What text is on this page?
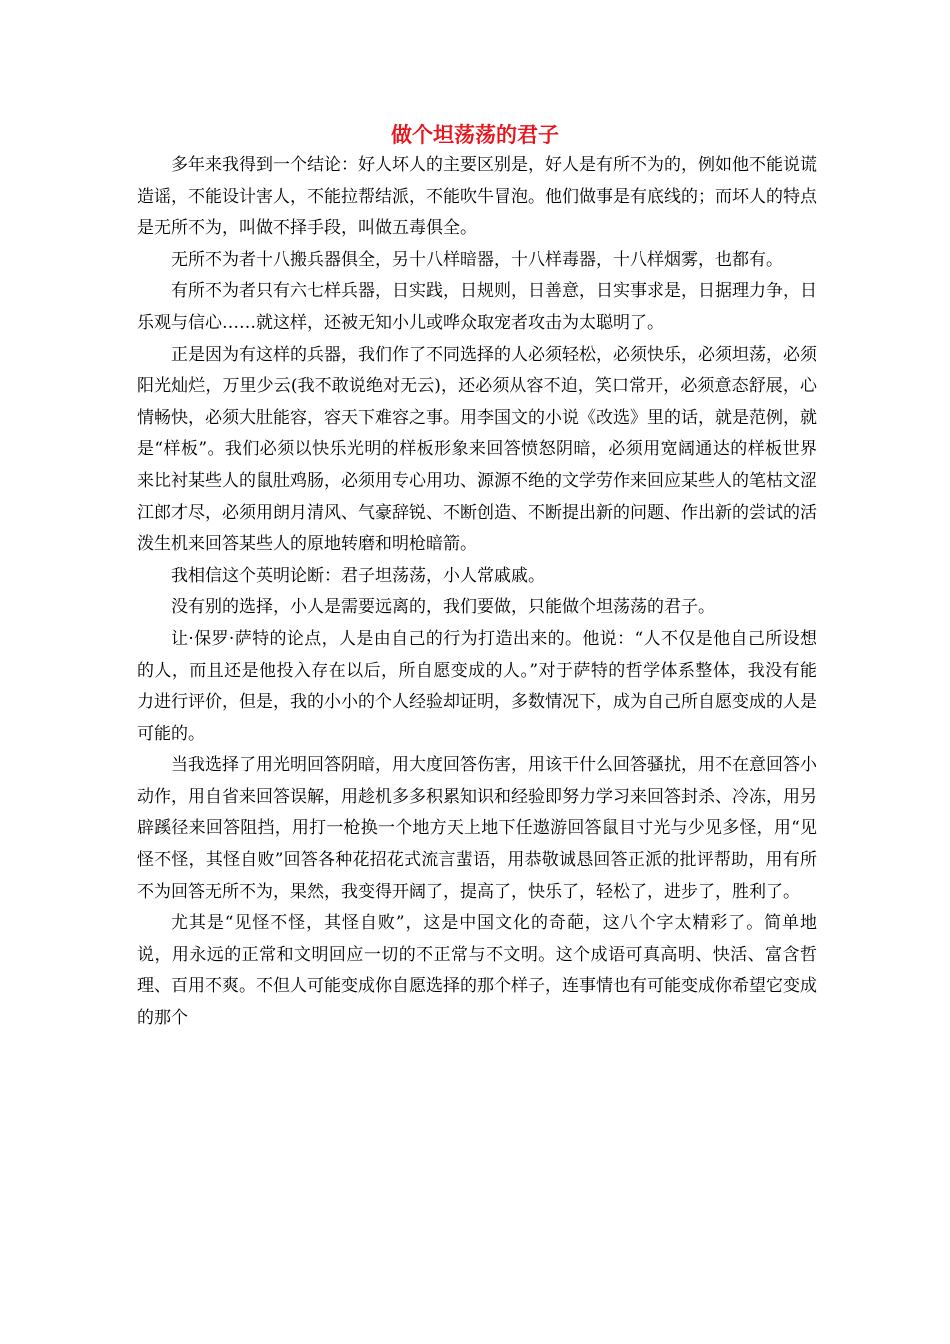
做个坦荡荡的君子

多年来我得到一个结论：好人坏人的主要区别是，好人是有所不为的，例如他不能说谎造谣，不能设计害人，不能拉帮结派，不能吹牛冒泡。他们做事是有底线的；而坏人的特点是无所不为，叫做不择手段，叫做五毒俱全。

无所不为者十八搬兵器俱全，另十八样暗器，十八样毒器，十八样烟雾，也都有。

有所不为者只有六七样兵器，日实践，日规则，日善意，日实事求是，日据理力争，日乐观与信心……就这样，还被无知小儿或哗众取宠者攻击为太聪明了。

正是因为有这样的兵器，我们作了不同选择的人必须轻松，必须快乐，必须坦荡，必须阳光灿烂，万里少云(我不敢说绝对无云)，还必须从容不迫，笑口常开，必须意态舒展，心情畅快，必须大肚能容，容天下难容之事。用李国文的小说《改选》里的话，就是范例，就是“样板”。我们必须以快乐光明的样板形象来回答愤怒阴暗，必须用宽阔通达的样板世界来比衬某些人的鼠肚鸡肠，必须用专心用功、源源不绝的文学劳作来回应某些人的笔枯文涩江郎才尽，必须用朗月清风、气豪辞锐、不断创造、不断提出新的问题、作出新的尝试的活泼生机来回答某些人的原地转磨和明枪暗箭。

我相信这个英明论断：君子坦荡荡，小人常戚戚。

没有别的选择，小人是需要远离的，我们要做，只能做个坦荡荡的君子。

让·保罗·萨特的论点，人是由自己的行为打造出来的。他说：“人不仅是他自己所设想的人，而且还是他投入存在以后，所自愿变成的人。”对于萨特的哲学体系整体，我没有能力进行评价，但是，我的小小的个人经验却证明，多数情况下，成为自己所自愿变成的人是可能的。

当我选择了用光明回答阴暗，用大度回答伤害，用该干什么回答骚扰，用不在意回答小动作，用自省来回答误解，用趁机多多积累知识和经验即努力学习来回答封杀、冷冻，用另辟蹊径来回答阻挡，用打一枪换一个地方天上地下任遨游回答鼠目寸光与少见多怪，用“见怪不怪，其怪自败”回答各种花招花式流言蜚语，用恭敬诚恳回答正派的批评帮助，用有所不为回答无所不为，果然，我变得开阔了，提高了，快乐了，轻松了，进步了，胜利了。

尤其是“见怪不怪，其怪自败”，这是中国文化的奇葩，这八个字太精彩了。简单地说，用永远的正常和文明回应一切的不正常与不文明。这个成语可真高明、快活、富含哲理、百用不爽。不但人可能变成你自愿选择的那个样子，连事情也有可能变成你希望它变成的那个
